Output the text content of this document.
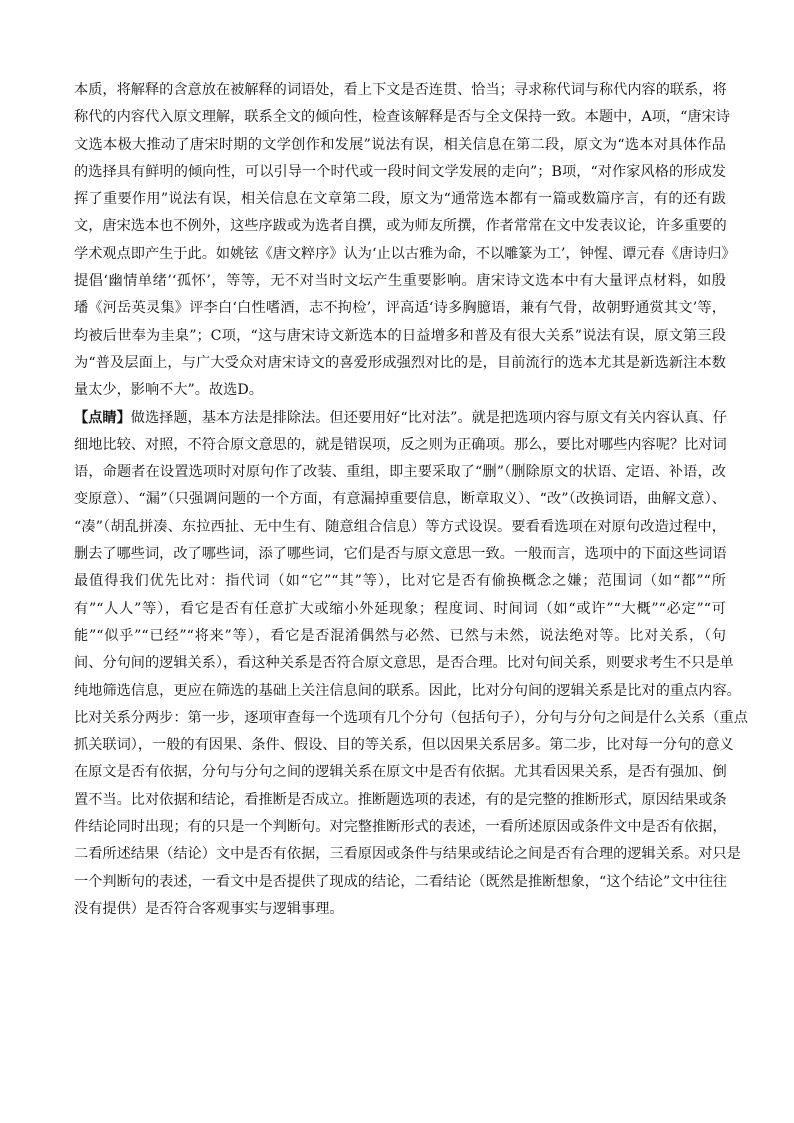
本质，将解释的含意放在被解释的词语处，看上下文是否连贯、恰当；寻求称代词与称代内容的联系，将
称代的内容代入原文理解，联系全文的倾向性，检查该解释是否与全文保持一致。本题中，A项，“唐宋诗
文选本极大推动了唐宋时期的文学创作和发展”说法有误，相关信息在第二段，原文为“选本对具体作品
的选择具有鲜明的倾向性，可以引导一个时代或一段时间文学发展的走向”；B项，“对作家风格的形成发
挥了重要作用”说法有误，相关信息在文章第二段，原文为“通常选本都有一篇或数篇序言，有的还有跋
文，唐宋选本也不例外，这些序跋或为选者自撰，或为师友所撰，作者常常在文中发表议论，许多重要的
学术观点即产生于此。如姚铉《唐文粹序》认为‘止以古雅为命，不以雕篆为工’，钟惺、谭元春《唐诗归》
提倡‘幽情单绪’‘孤怀’，等等，无不对当时文坛产生重要影响。唐宋诗文选本中有大量评点材料，如殷
璠《河岳英灵集》评李白‘白性嗜酒，志不拘检’，评高适‘诗多胸臆语，兼有气骨，故朝野通赏其文’等，
均被后世奉为圭臬”；C项，“这与唐宋诗文新选本的日益增多和普及有很大关系”说法有误，原文第三段
为“普及层面上，与广大受众对唐宋诗文的喜爱形成强烈对比的是，目前流行的选本尤其是新选新注本数
量太少，影响不大”。故选D。
【点睛】做选择题，基本方法是排除法。但还要用好“比对法”。就是把选项内容与原文有关内容认真、仔
细地比较、对照，不符合原文意思的，就是错误项，反之则为正确项。那么，要比对哪些内容呢？比对词
语，命题者在设置选项时对原句作了改装、重组，即主要采取了“删”（删除原文的状语、定语、补语，改
变原意）、“漏”（只强调问题的一个方面，有意漏掉重要信息，断章取义）、“改”（改换词语，曲解文意）、
“凑”（胡乱拼凑、东拉西扯、无中生有、随意组合信息）等方式设误。要看看选项在对原句改造过程中，
删去了哪些词，改了哪些词，添了哪些词，它们是否与原文意思一致。一般而言，选项中的下面这些词语
最值得我们优先比对：指代词（如“它”“其”等），比对它是否有偷换概念之嫌；范围词（如“都”“所
有”“人人”等），看它是否有任意扩大或缩小外延现象；程度词、时间词（如“或许”“大概”“必定”“可
能”“似乎”“已经”“将来”等），看它是否混淆偶然与必然、已然与未然，说法绝对等。比对关系，（句
间、分句间的逻辑关系），看这种关系是否符合原文意思，是否合理。比对句间关系，则要求考生不只是单
纯地筛选信息，更应在筛选的基础上关注信息间的联系。因此，比对分句间的逻辑关系是比对的重点内容。
比对关系分两步：第一步，逐项审查每一个选项有几个分句（包括句子），分句与分句之间是什么关系（重点
抓关联词），一般的有因果、条件、假设、目的等关系，但以因果关系居多。第二步，比对每一分句的意义
在原文是否有依据，分句与分句之间的逻辑关系在原文中是否有依据。尤其看因果关系，是否有强加、倒
置不当。比对依据和结论，看推断是否成立。推断题选项的表述，有的是完整的推断形式，原因结果或条
件结论同时出现；有的只是一个判断句。对完整推断形式的表述，一看所述原因或条件文中是否有依据，
二看所述结果（结论）文中是否有依据，三看原因或条件与结果或结论之间是否有合理的逻辑关系。对只是
一个判断句的表述，一看文中是否提供了现成的结论，二看结论（既然是推断想象，“这个结论”文中往往
没有提供）是否符合客观事实与逻辑事理。
